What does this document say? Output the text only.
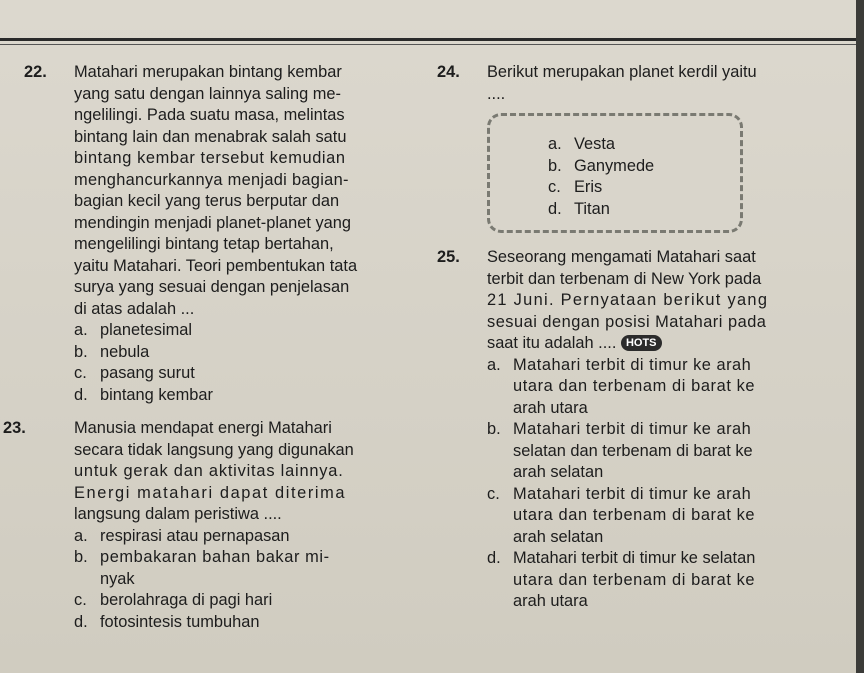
22. Matahari merupakan bintang kembar
yang satu dengan lainnya saling me-
ngelilingi. Pada suatu masa, melintas
bintang lain dan menabrak salah satu
bintang kembar tersebut kemudian
menghancurkannya menjadi bagian-
bagian kecil yang terus berputar dan
mendingin menjadi planet-planet yang
mengelilingi bintang tetap bertahan,
yaitu Matahari. Teori pembentukan tata
surya yang sesuai dengan penjelasan
di atas adalah ...
a. planetesimal
b. nebula
c. pasang surut
d. bintang kembar
23.	Manusia mendapat energi Matahari
secara tidak langsung yang digunakan
untuk gerak dan aktivitas lainnya.
Energi matahari dapat diterima
langsung dalam peristiwa ....
a. respirasi atau pernapasan
b. pembakaran bahan bakar mi-
nyak
c. berolahraga di pagi hari
d. fotosintesis tumbuhan
24. Berikut merupakan planet kerdil yaitu
....
a. Vesta
b. Ganymede
c. Eris
d. Titan
25. Seseorang mengamati Matahari saat
terbit dan terbenam di New York pada
21 Juni. Pernyataan berikut yang
sesuai dengan posisi Matahari pada
saat itu adalah .... HOTS
a. Matahari terbit di timur ke arah
utara dan terbenam di barat ke
arah utara
b. Matahari terbit di timur ke arah
selatan dan terbenam di barat ke
arah selatan
c. Matahari terbit di timur ke arah
utara dan terbenam di barat ke
arah selatan
d. Matahari terbit di timur ke selatan
utara dan terbenam di barat ke
arah utara
